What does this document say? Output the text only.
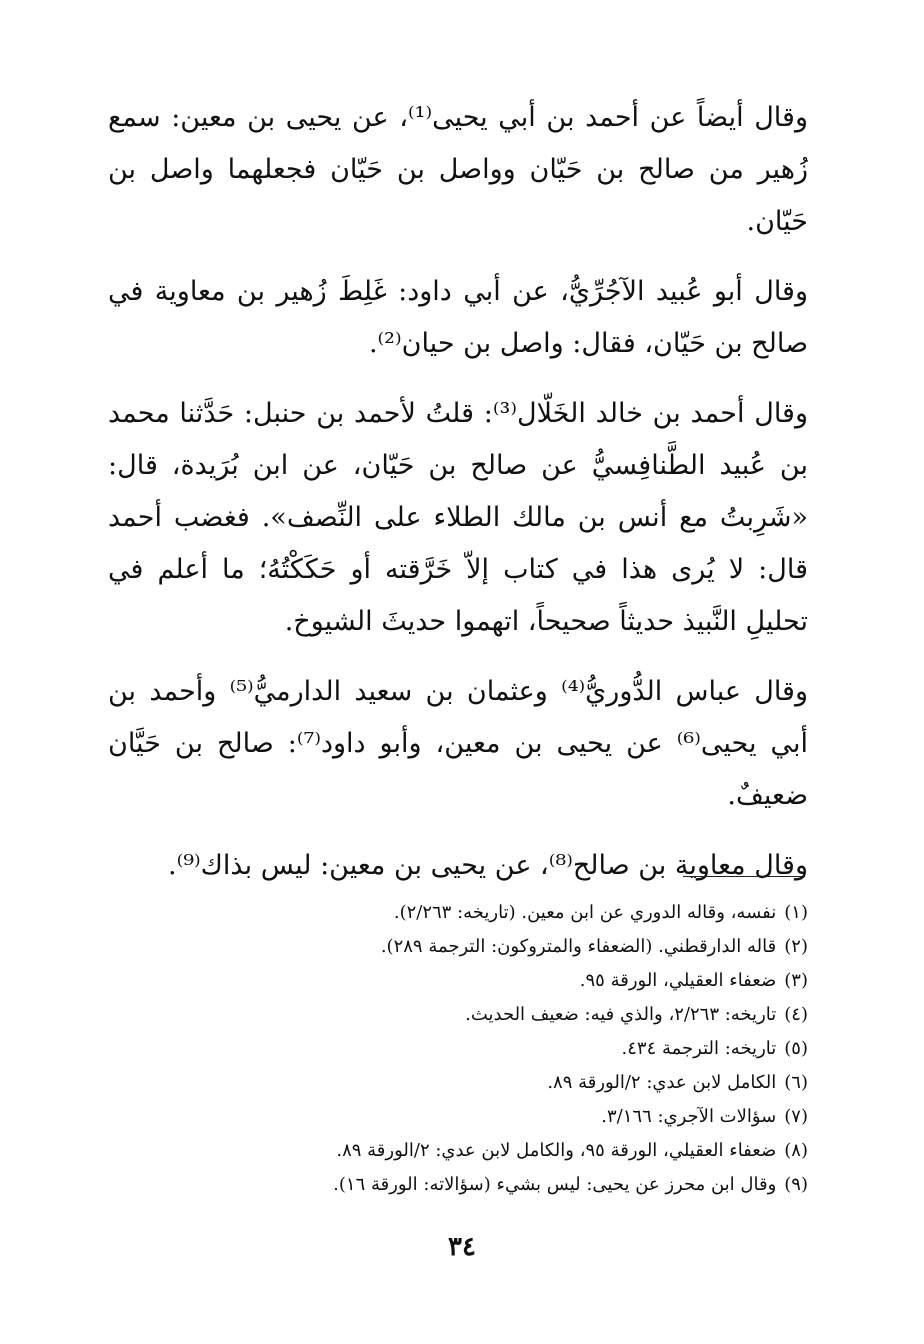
وقال أيضاً عن أحمد بن أبي يحيى⁽¹⁾، عن يحيى بن معين: سمع زُهير من صالح بن حَيّان وواصل بن حَيّان فجعلهما واصل بن حَيّان.

وقال أبو عُبيد الآجُرِّيُّ، عن أبي داود: غَلِطَ زُهير بن معاوية في صالح بن حَيّان، فقال: واصل بن حيان⁽²⁾.

وقال أحمد بن خالد الخَلّال⁽³⁾: قلتُ لأحمد بن حنبل: حَدَّثنا محمد بن عُبيد الطَّنافِسيُّ عن صالح بن حَيّان، عن ابن بُرَيدة، قال: «شَرِبتُ مع أنس بن مالك الطلاء على النِّصف». فغضب أحمد قال: لا يُرى هذا في كتاب إلاّ خَرَّقته أو حَكَكْتُهُ؛ ما أعلم في تحليلِ النَّبيذ حديثاً صحيحاً، اتهموا حديثَ الشيوخ.

وقال عباس الدُّوريُّ⁽⁴⁾ وعثمان بن سعيد الدارميُّ⁽⁵⁾ وأحمد بن أبي يحيى⁽⁶⁾ عن يحيى بن معين، وأبو داود⁽⁷⁾: صالح بن حَيَّان ضعيفٌ.

وقال معاوية بن صالح⁽⁸⁾، عن يحيى بن معين: ليس بذاك⁽⁹⁾.

(١)نفسه، وقاله الدوري عن ابن معين. (تاريخه: ٢/٢٦٣).
(٢)قاله الدارقطني. (الضعفاء والمتروكون: الترجمة ٢٨٩).
(٣)ضعفاء العقيلي، الورقة ٩٥.
(٤)تاريخه: ٢/٢٦٣، والذي فيه: ضعيف الحديث.
(٥)تاريخه: الترجمة ٤٣٤.
(٦)الكامل لابن عدي: ٢/الورقة ٨٩.
(٧)سؤالات الآجري: ٣/١٦٦.
(٨)ضعفاء العقيلي، الورقة ٩٥، والكامل لابن عدي: ٢/الورقة ٨٩.
(٩)وقال ابن محرز عن يحيى: ليس بشيء (سؤالاته: الورقة ١٦).
٣٤
